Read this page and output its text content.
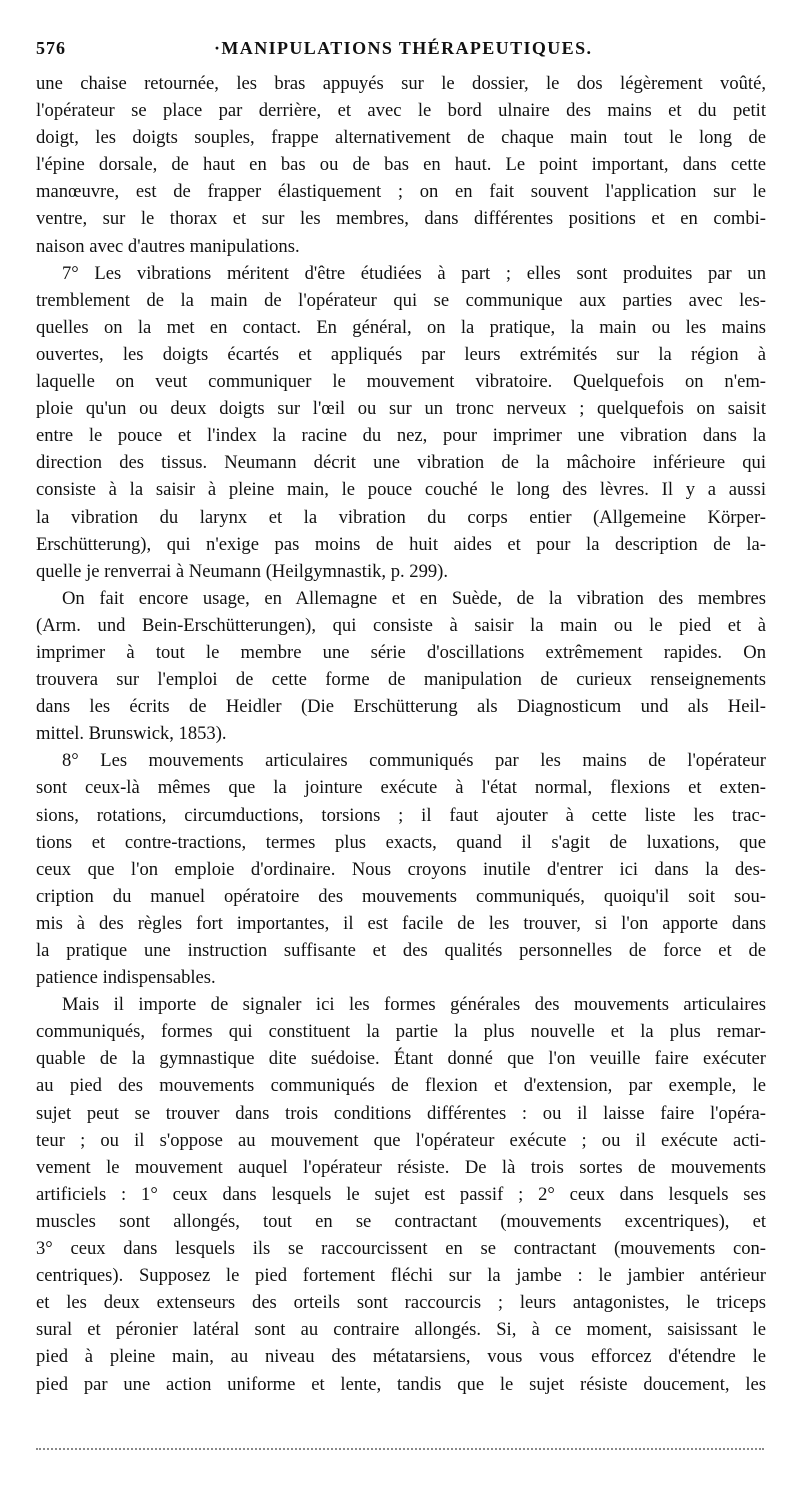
576	·MANIPULATIONS THÉRAPEUTIQUES.
une chaise retournée, les bras appuyés sur le dossier, le dos légèrement voûté,
l'opérateur se place par derrière, et avec le bord ulnaire des mains et du petit
doigt, les doigts souples, frappe alternativement de chaque main tout le long de
l'épine dorsale, de haut en bas ou de bas en haut. Le point important, dans cette
manœuvre, est de frapper élastiquement ; on en fait souvent l'application sur le
ventre, sur le thorax et sur les membres, dans différentes positions et en combi-
naison avec d'autres manipulations.
7° Les vibrations méritent d'être étudiées à part ; elles sont produites par un
tremblement de la main de l'opérateur qui se communique aux parties avec les-
quelles on la met en contact. En général, on la pratique, la main ou les mains
ouvertes, les doigts écartés et appliqués par leurs extrémités sur la région à
laquelle on veut communiquer le mouvement vibratoire. Quelquefois on n'em-
ploie qu'un ou deux doigts sur l'œil ou sur un tronc nerveux ; quelquefois on saisit
entre le pouce et l'index la racine du nez, pour imprimer une vibration dans la
direction des tissus. Neumann décrit une vibration de la mâchoire inférieure qui
consiste à la saisir à pleine main, le pouce couché le long des lèvres. Il y a aussi
la vibration du larynx et la vibration du corps entier (Allgemeine Körper-
Erschütterung), qui n'exige pas moins de huit aides et pour la description de la-
quelle je renverrai à Neumann (Heilgymnastik, p. 299).
On fait encore usage, en Allemagne et en Suède, de la vibration des membres
(Arm. und Bein-Erschütterungen), qui consiste à saisir la main ou le pied et à
imprimer à tout le membre une série d'oscillations extrêmement rapides. On
trouvera sur l'emploi de cette forme de manipulation de curieux renseignements
dans les écrits de Heidler (Die Erschütterung als Diagnosticum und als Heil-
mittel. Brunswick, 1853).
8° Les mouvements articulaires communiqués par les mains de l'opérateur
sont ceux-là mêmes que la jointure exécute à l'état normal, flexions et exten-
sions, rotations, circumductions, torsions ; il faut ajouter à cette liste les trac-
tions et contre-tractions, termes plus exacts, quand il s'agit de luxations, que
ceux que l'on emploie d'ordinaire. Nous croyons inutile d'entrer ici dans la des-
cription du manuel opératoire des mouvements communiqués, quoiqu'il soit sou-
mis à des règles fort importantes, il est facile de les trouver, si l'on apporte dans
la pratique une instruction suffisante et des qualités personnelles de force et de
patience indispensables.
Mais il importe de signaler ici les formes générales des mouvements articulaires
communiqués, formes qui constituent la partie la plus nouvelle et la plus remar-
quable de la gymnastique dite suédoise. Étant donné que l'on veuille faire exécuter
au pied des mouvements communiqués de flexion et d'extension, par exemple, le
sujet peut se trouver dans trois conditions différentes : ou il laisse faire l'opéra-
teur ; ou il s'oppose au mouvement que l'opérateur exécute ; ou il exécute acti-
vement le mouvement auquel l'opérateur résiste. De là trois sortes de mouvements
artificiels : 1° ceux dans lesquels le sujet est passif ; 2° ceux dans lesquels ses
muscles sont allongés, tout en se contractant (mouvements excentriques), et
3° ceux dans lesquels ils se raccourcissent en se contractant (mouvements con-
centriques). Supposez le pied fortement fléchi sur la jambe : le jambier antérieur
et les deux extenseurs des orteils sont raccourcis ; leurs antagonistes, le triceps
sural et péronier latéral sont au contraire allongés. Si, à ce moment, saisissant le
pied à pleine main, au niveau des métatarsiens, vous vous efforcez d'étendre le
pied par une action uniforme et lente, tandis que le sujet résiste doucement, les
